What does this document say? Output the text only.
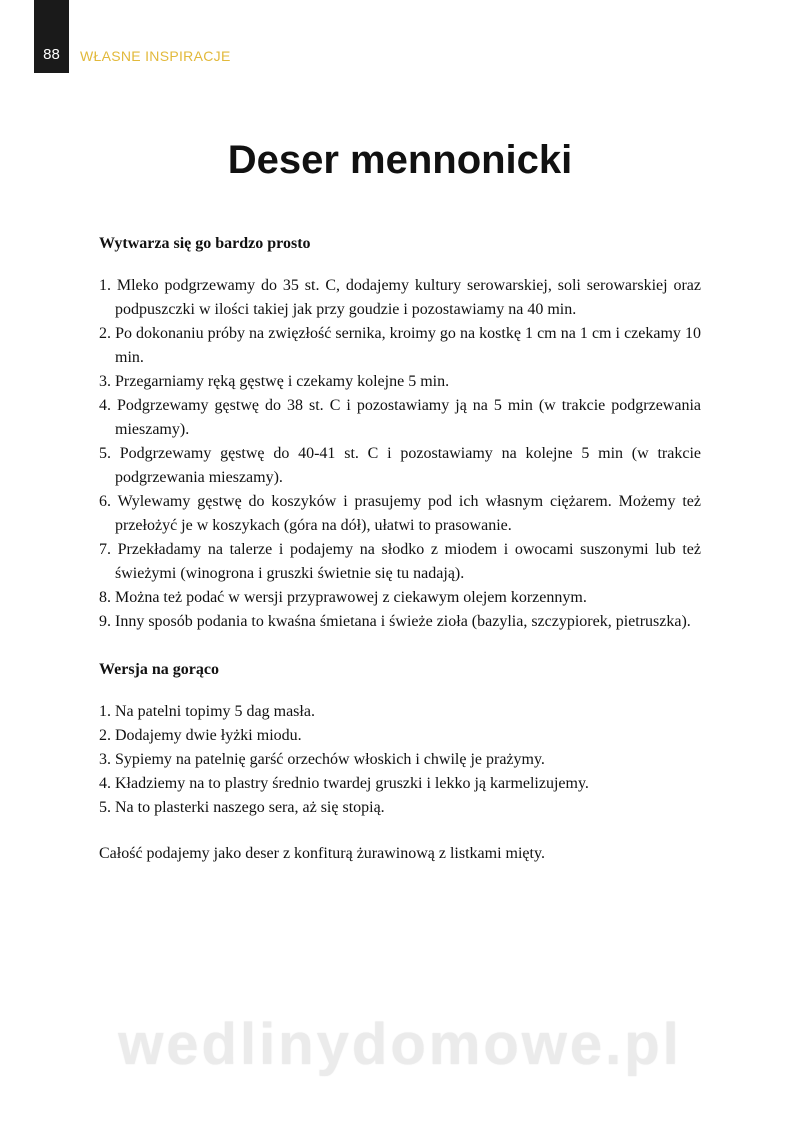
88	WŁASNE INSPIRACJE
Deser mennonicki

Wytwarza się go bardzo prosto

1. Mleko podgrzewamy do 35 st. C, dodajemy kultury serowarskiej, soli serowarskiej oraz podpuszczki w ilości takiej jak przy goudzie i pozostawiamy na 40 min.
2. Po dokonaniu próby na zwięzłość sernika, kroimy go na kostkę 1 cm na 1 cm i czekamy 10 min.
3. Przegarniamy ręką gęstwę i czekamy kolejne 5 min.
4. Podgrzewamy gęstwę do 38 st. C i pozostawiamy ją na 5 min (w trakcie podgrzewania mieszamy).
5. Podgrzewamy gęstwę do 40-41 st. C i pozostawiamy na kolejne 5 min (w trakcie podgrzewania mieszamy).
6. Wylewamy gęstwę do koszyków i prasujemy pod ich własnym ciężarem. Możemy też przełożyć je w koszykach (góra na dół), ułatwi to prasowanie.
7. Przekładamy na talerze i podajemy na słodko z miodem i owocami suszonymi lub też świeżymi (winogrona i gruszki świetnie się tu nadają).
8. Można też podać w wersji przyprawowej z ciekawym olejem korzennym.
9. Inny sposób podania to kwaśna śmietana i świeże zioła (bazylia, szczypiorek, pietruszka).

Wersja na gorąco

1. Na patelni topimy 5 dag masła.
2. Dodajemy dwie łyżki miodu.
3. Sypiemy na patelnię garść orzechów włoskich i chwilę je prażymy.
4. Kładziemy na to plastry średnio twardej gruszki i lekko ją karmelizujemy.
5. Na to plasterki naszego sera, aż się stopią.

Całość podajemy jako deser z konfiturą żurawinową z listkami mięty.

wedlinydomowe.pl
